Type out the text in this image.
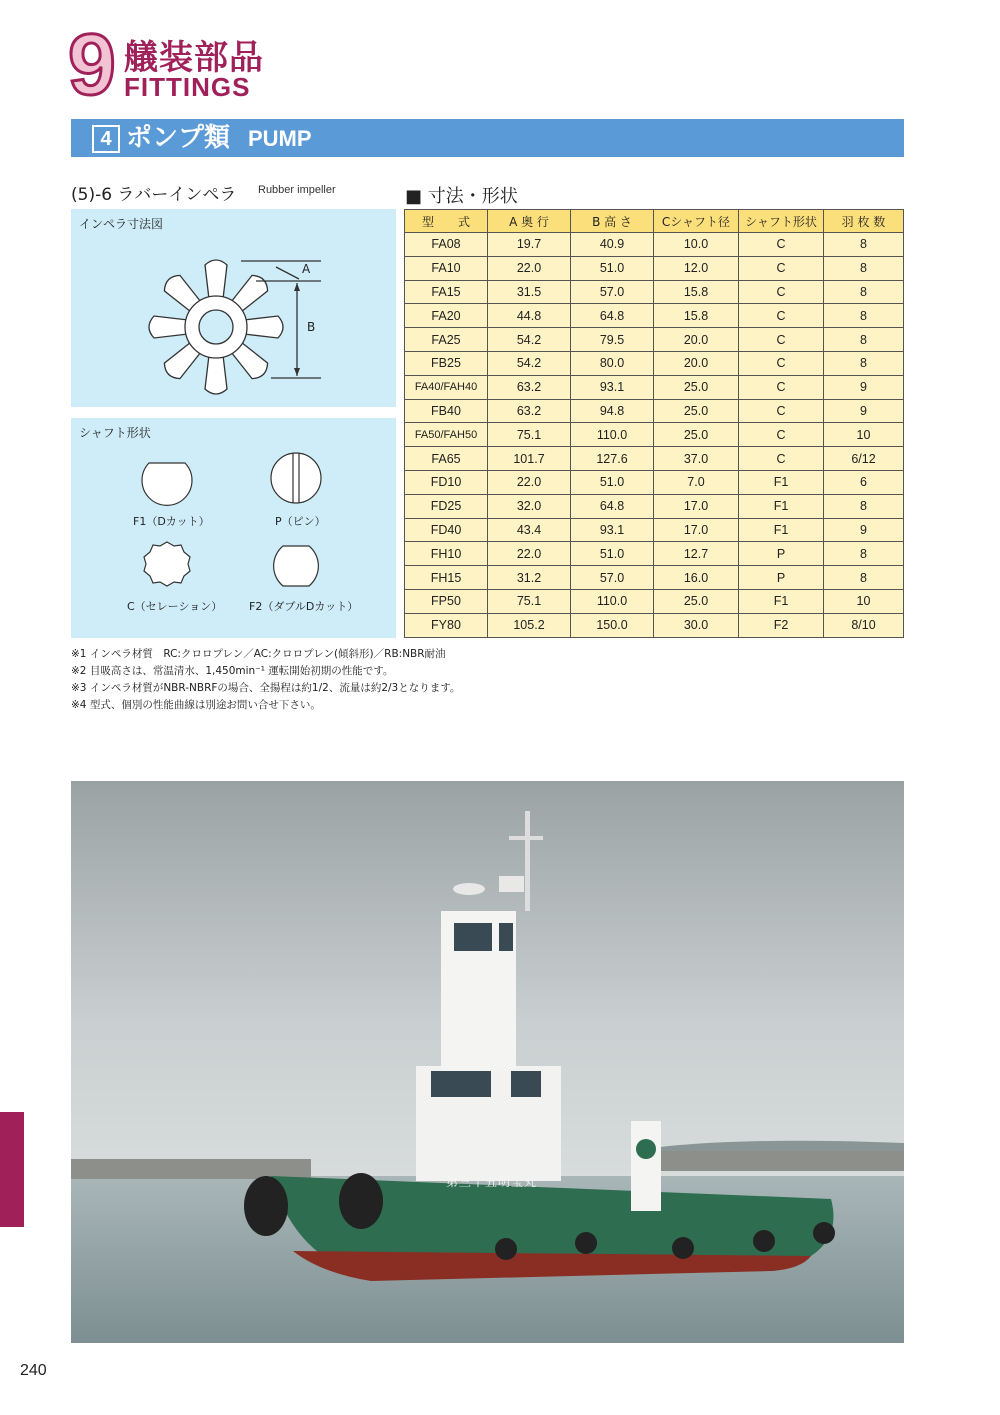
9 艤装部品
FITTINGS
4 ポンプ類 PUMP
(5)-6 ラバーインペラ Rubber impeller	■ 寸法・形状
インペラ寸法図
A
B
シャフト形状
F1（Dカット）	P（ピン）
C（セレーション） F2（ダブルDカット）
型　　式	A 奥 行	B 高 さ	Cシャフト径	シャフト形状	羽 枚 数
FA08	19.7	40.9	10.0	C	8
FA10	22.0	51.0	12.0	C	8
FA15	31.5	57.0	15.8	C	8
FA20	44.8	64.8	15.8	C	8
FA25	54.2	79.5	20.0	C	8
FB25	54.2	80.0	20.0	C	8
FA40/FAH40	63.2	93.1	25.0	C	9
FB40	63.2	94.8	25.0	C	9
FA50/FAH50	75.1	110.0	25.0	C	10
FA65	101.7	127.6	37.0	C	6/12
FD10	22.0	51.0	7.0	F1	6
FD25	32.0	64.8	17.0	F1	8
FD40	43.4	93.1	17.0	F1	9
FH10	22.0	51.0	12.7	P	8
FH15	31.2	57.0	16.0	P	8
FP50	75.1	110.0	25.0	F1	10
FY80	105.2	150.0	30.0	F2	8/10
※1 インペラ材質　RC:クロロプレン／AC:クロロプレン(傾斜形)／RB:NBR耐油
※2 目吸高さは、常温清水、1,450min⁻¹ 運転開始初期の性能です。
※3 インペラ材質がNBR-NBRFの場合、全揚程は約1/2、流量は約2/3となります。
※4 型式、個別の性能曲線は別途お問い合せ下さい。
第三十五明宝丸
240
